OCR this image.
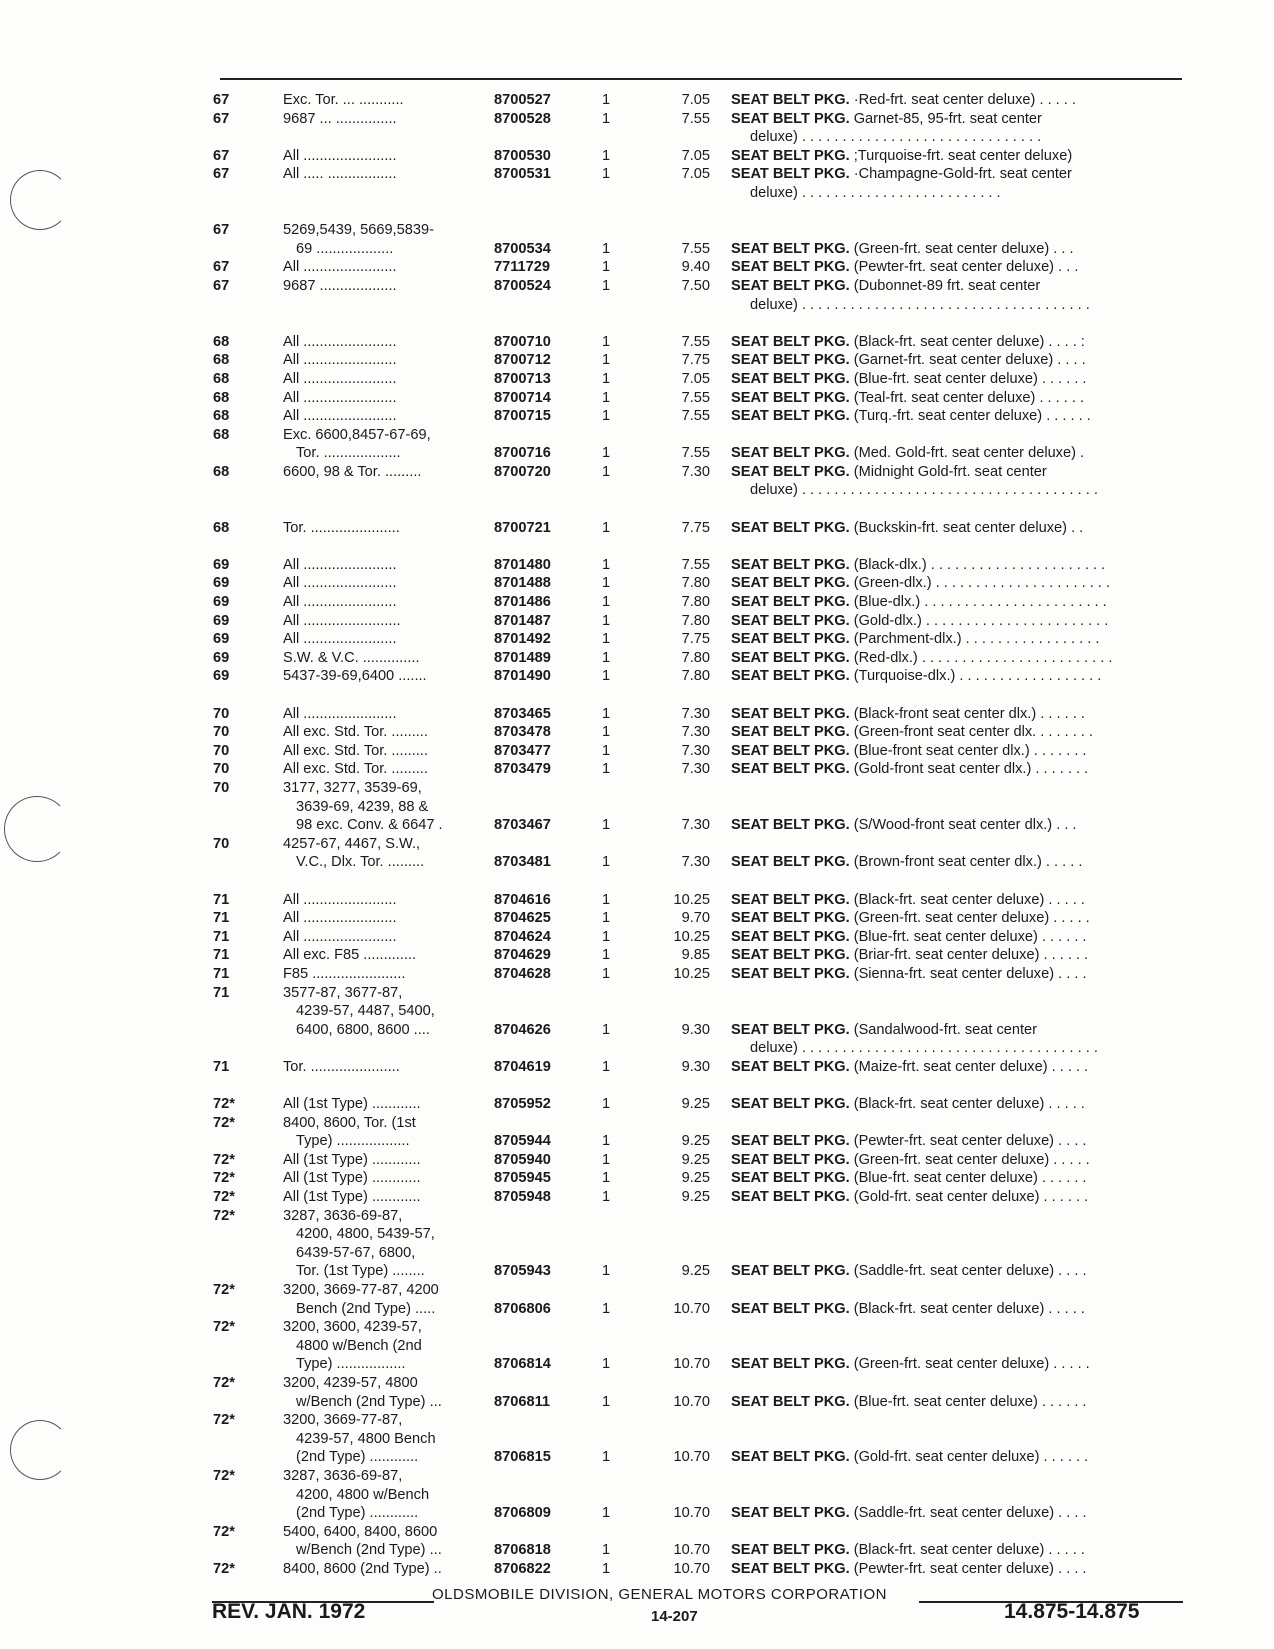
67	Exc. Tor. ... ...........	8700527	1	7.05 SEAT BELT PKG. ·Red-frt. seat center deluxe) . . . . .
67	9687 ... ...............	8700528	1	7.55 SEAT BELT PKG. Garnet-85, 95-frt. seat center
deluxe) . . . . . . . . . . . . . . . . . . . . . . . . . . . . . .
67	All .......................	8700530	1	7.05 SEAT BELT PKG. ;Turquoise-frt. seat center deluxe)
67	All ..... .................	8700531	1	7.05 SEAT BELT PKG. ·Champagne-Gold-frt. seat center
deluxe) . . . . . . . . . . . . . . . . . . . . . . . . .
67	5269,5439, 5669,5839-
69 ...................	8700534	1	7.55 SEAT BELT PKG. (Green-frt. seat center deluxe) . . .
67	All .......................	7711729	1	9.40 SEAT BELT PKG. (Pewter-frt. seat center deluxe) . . .
67	9687 ...................	8700524	1	7.50 SEAT BELT PKG. (Dubonnet-89 frt. seat center
deluxe) . . . . . . . . . . . . . . . . . . . . . . . . . . . . . . . . . . . .
68	All .......................	8700710	1	7.55 SEAT BELT PKG. (Black-frt. seat center deluxe) . . . . :
68	All .......................	8700712	1	7.75 SEAT BELT PKG. (Garnet-frt. seat center deluxe) . . . .
68	All .......................	8700713	1	7.05 SEAT BELT PKG. (Blue-frt. seat center deluxe) . . . . . .
68	All .......................	8700714	1	7.55 SEAT BELT PKG. (Teal-frt. seat center deluxe) . . . . . .
68	All .......................	8700715	1	7.55 SEAT BELT PKG. (Turq.-frt. seat center deluxe) . . . . . .
68	Exc. 6600,8457-67-69,
Tor. ...................	8700716	1	7.55 SEAT BELT PKG. (Med. Gold-frt. seat center deluxe) .
68	6600, 98 & Tor. .........	8700720	1	7.30 SEAT BELT PKG. (Midnight Gold-frt. seat center
deluxe) . . . . . . . . . . . . . . . . . . . . . . . . . . . . . . . . . . . . .
68	Tor. ......................	8700721	1	7.75 SEAT BELT PKG. (Buckskin-frt. seat center deluxe) . .
69	All .......................	8701480	1	7.55 SEAT BELT PKG. (Black-dlx.) . . . . . . . . . . . . . . . . . . . . . .
69	All .......................	8701488	1	7.80 SEAT BELT PKG. (Green-dlx.) . . . . . . . . . . . . . . . . . . . . . .
69	All .......................	8701486	1	7.80 SEAT BELT PKG. (Blue-dlx.) . . . . . . . . . . . . . . . . . . . . . . .
69	All ........................	8701487	1	7.80 SEAT BELT PKG. (Gold-dlx.) . . . . . . . . . . . . . . . . . . . . . . .
69	All .......................	8701492	1	7.75 SEAT BELT PKG. (Parchment-dlx.) . . . . . . . . . . . . . . . . .
69	S.W. & V.C. ..............	8701489	1	7.80 SEAT BELT PKG. (Red-dlx.) . . . . . . . . . . . . . . . . . . . . . . . .
69	5437-39-69,6400 .......	8701490	1	7.80 SEAT BELT PKG. (Turquoise-dlx.) . . . . . . . . . . . . . . . . . .
70	All .......................	8703465	1	7.30 SEAT BELT PKG. (Black-front seat center dlx.) . . . . . .
70	All exc. Std. Tor. .........	8703478	1	7.30 SEAT BELT PKG. (Green-front seat center dlx. . . . . . . .
70	All exc. Std. Tor. .........	8703477	1	7.30 SEAT BELT PKG. (Blue-front seat center dlx.) . . . . . . .
70	All exc. Std. Tor. .........	8703479	1	7.30 SEAT BELT PKG. (Gold-front seat center dlx.) . . . . . . .
70	3177, 3277, 3539-69,
3639-69, 4239, 88 &
98 exc. Conv. & 6647 .	8703467	1	7.30 SEAT BELT PKG. (S/Wood-front seat center dlx.) . . .
70	4257-67, 4467, S.W.,
V.C., Dlx. Tor. .........	8703481	1	7.30 SEAT BELT PKG. (Brown-front seat center dlx.) . . . . .
71	All .......................	8704616	1	10.25 SEAT BELT PKG. (Black-frt. seat center deluxe) . . . . .
71	All .......................	8704625	1	9.70 SEAT BELT PKG. (Green-frt. seat center deluxe) . . . . .
71	All .......................	8704624	1	10.25 SEAT BELT PKG. (Blue-frt. seat center deluxe) . . . . . .
71	All exc. F85 .............	8704629	1	9.85 SEAT BELT PKG. (Briar-frt. seat center deluxe) . . . . . .
71	F85 .......................	8704628	1	10.25 SEAT BELT PKG. (Sienna-frt. seat center deluxe) . . . .
71	3577-87, 3677-87,
4239-57, 4487, 5400,
6400, 6800, 8600 ....	8704626	1	9.30 SEAT BELT PKG. (Sandalwood-frt. seat center
deluxe) . . . . . . . . . . . . . . . . . . . . . . . . . . . . . . . . . . . . .
71	Tor. ......................	8704619	1	9.30 SEAT BELT PKG. (Maize-frt. seat center deluxe) . . . . .
72*	All (1st Type) ............	8705952	1	9.25 SEAT BELT PKG. (Black-frt. seat center deluxe) . . . . .
72*	8400, 8600, Tor. (1st
Type) ..................	8705944	1	9.25 SEAT BELT PKG. (Pewter-frt. seat center deluxe) . . . .
72*	All (1st Type) ............	8705940	1	9.25 SEAT BELT PKG. (Green-frt. seat center deluxe) . . . . .
72*	All (1st Type) ............	8705945	1	9.25 SEAT BELT PKG. (Blue-frt. seat center deluxe) . . . . . .
72*	All (1st Type) ............	8705948	1	9.25 SEAT BELT PKG. (Gold-frt. seat center deluxe) . . . . . .
72*	3287, 3636-69-87,
4200, 4800, 5439-57,
6439-57-67, 6800,
Tor. (1st Type) ........	8705943	1	9.25 SEAT BELT PKG. (Saddle-frt. seat center deluxe) . . . .
72*	3200, 3669-77-87, 4200
Bench (2nd Type) .....	8706806	1	10.70 SEAT BELT PKG. (Black-frt. seat center deluxe) . . . . .
72*	3200, 3600, 4239-57,
4800 w/Bench (2nd
Type) .................	8706814	1	10.70 SEAT BELT PKG. (Green-frt. seat center deluxe) . . . . .
72*	3200, 4239-57, 4800
w/Bench (2nd Type) ...	8706811	1	10.70 SEAT BELT PKG. (Blue-frt. seat center deluxe) . . . . . .
72*	3200, 3669-77-87,
4239-57, 4800 Bench
(2nd Type) ............	8706815	1	10.70 SEAT BELT PKG. (Gold-frt. seat center deluxe) . . . . . .
72*	3287, 3636-69-87,
4200, 4800 w/Bench
(2nd Type) ............	8706809	1	10.70 SEAT BELT PKG. (Saddle-frt. seat center deluxe) . . . .
72*	5400, 6400, 8400, 8600
w/Bench (2nd Type) ...	8706818	1	10.70 SEAT BELT PKG. (Black-frt. seat center deluxe) . . . . .
72*	8400, 8600 (2nd Type) ..	8706822	1	10.70 SEAT BELT PKG. (Pewter-frt. seat center deluxe) . . . .
OLDSMOBILE DIVISION, GENERAL MOTORS CORPORATION
REV. JAN. 1972	14-207	14.875-14.875
